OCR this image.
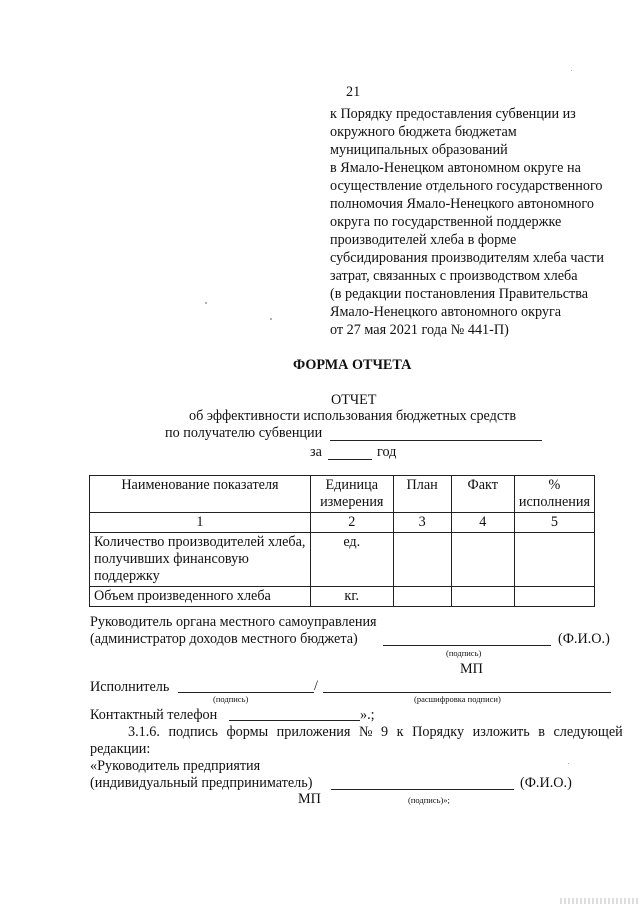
21
к Порядку предоставления субвенции из
окружного бюджета бюджетам
муниципальных образований
в Ямало-Ненецком автономном округе на
осуществление отдельного государственного
полномочия Ямало-Ненецкого автономного
округа по государственной поддержке
производителей хлеба в форме
субсидирования производителям хлеба части
затрат, связанных с производством хлеба
(в редакции постановления Правительства
Ямало-Ненецкого автономного округа
от 27 мая 2021 года № 441-П)
ФОРМА ОТЧЕТА
ОТЧЕТ
об эффективности использования бюджетных средств
по получателю субвенции
за	год
Наименование показателя	Единица измерения	План	Факт	% исполнения
1	2	3	4	5
Количество производителей хлеба, получивших финансовую поддержку	ед.			
Объем произведенного хлеба	кг.			
Руководитель органа местного самоуправления
(администратор доходов местного бюджета)	(Ф.И.О.)
(подпись)
МП
Исполнитель	/
(подпись)	(расшифровка подписи)
Контактный телефон	».;
3.1.6. подпись формы приложения № 9 к Порядку изложить в следующей
редакции:
«Руководитель предприятия
(индивидуальный предприниматель)	(Ф.И.О.)
МП	(подпись)»;
